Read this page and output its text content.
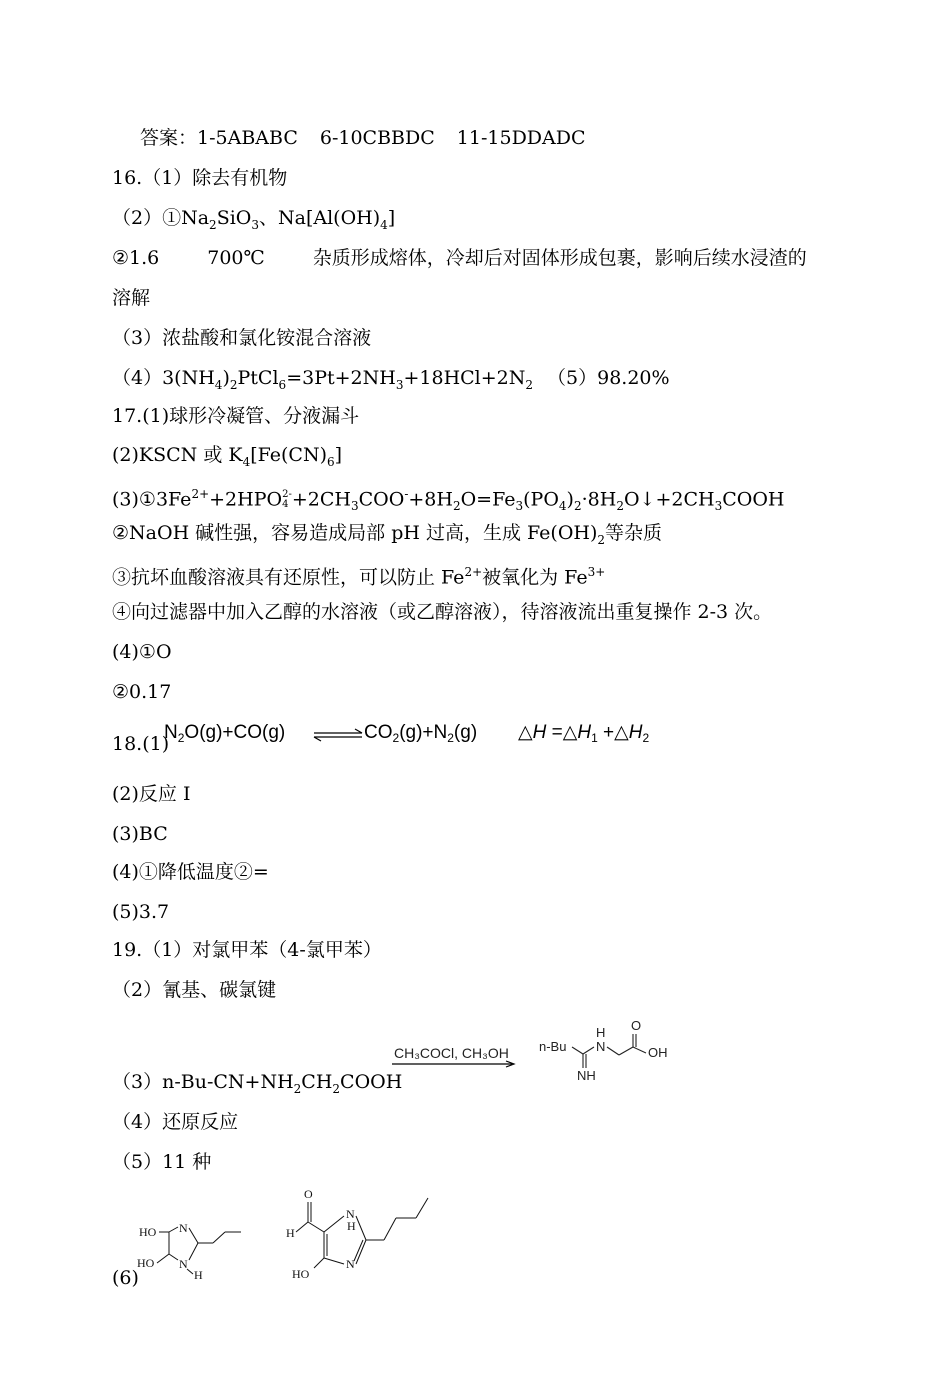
答案：1-5ABABC 6-10CBBDC 11-15DDADC
16.（1）除去有机物
$(2)①Na_2SiO_3$、$Na[Al(OH)_4]$
②1.6	700℃	杂质形成熔体，冷却后对固体形成包裹，影响后续水浸渣的
溶解
（3）浓盐酸和氯化铵混合溶液
$(4)3(NH_4)_2PtCl_6=3Pt+2NH_3+18HCl+2N_2$ （5）98.20%
17.(1)球形冷凝管、分液漏斗
(2)KSCN 或 $K_4[Fe(CN)_6]$
$(3)①3Fe^{2+}+2HPO$ 2-
$4 +2CH_3COO^-+8H_2O=Fe_3(PO_4)_2\cdot 8H_2O↓+2CH_3COOH$
②NaOH 碱性强，容易造成局部 pH 过高，生成 $Fe(OH)_2$等杂质
③抗坏血酸溶液具有还原性，可以防止 $Fe^{2+}$被氧化为 $Fe^{3+}$
④向过滤器中加入乙醇的水溶液（或乙醇溶液），待溶液流出重复操作 2-3 次。
(4)①O
②0.17
18.(1)
$N_2O(g)+CO(g)$	$CO_2(g)+N_2(g)$ △H $=\triangle H_1$ $+\triangle H_2$
(2)反应 I
(3)BC
(4)①降低温度②=
(5)3.7
19.（1）对氯甲苯（4-氯甲苯）
（2）氰基、碳氯键
$(3)n-Bu-CN+NH_2CH_2COOH$
CH₃COCl, CH₃OH n-Bu
H
N
O
OH
NH
（4）还原反应
（5）11 种
(6)
HO
HO
N
N
H
O
H
N
H
N
HO
